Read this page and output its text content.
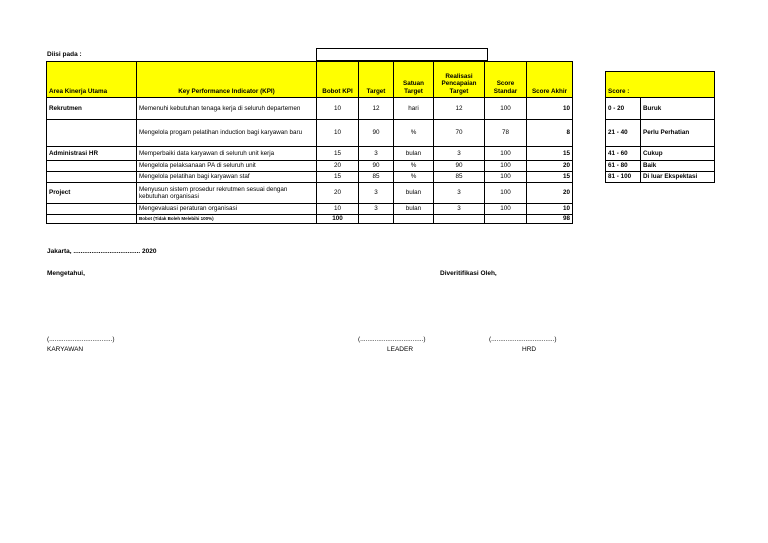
Diisi pada :
Area Kinerja Utama	Key Performance Indicator (KPI)	Bobot KPI	Target	Satuan Target	Realisasi Pencapaian Target	Score Standar	Score Akhir
Rekrutmen	Memenuhi kebutuhan tenaga kerja di seluruh departemen	10	12	hari	12	100	10
	Mengelola progam pelatihan induction bagi karyawan baru	10	90	%	70	78	8
Administrasi HR	Memperbaiki data karyawan di seluruh unit kerja	15	3	bulan	3	100	15
	Mengelola pelaksanaan PA di seluruh unit	20	90	%	90	100	20
	Mengelola pelatihan bagi karyawan staf	15	85	%	85	100	15
Project	Menyusun sistem prosedur rekrutmen sesuai dengan kebutuhan organisasi	20	3	bulan	3	100	20
	Mengevaluasi peraturan organisasi	10	3	bulan	3	100	10
	Bobot (Tidak Boleh Melebihi 100%)	100					98
Score :	
0 - 20	Buruk
21 - 40	Perlu Perhatian
41 - 60	Cukup
61 - 80	Baik
81 - 100	Di luar Ekspektasi
Jakarta, ..................................... 2020
Mengetahui,	Diveritifikasi Oleh,
(...................................)	(...................................)	(...................................)
KARYAWAN	LEADER	HRD
